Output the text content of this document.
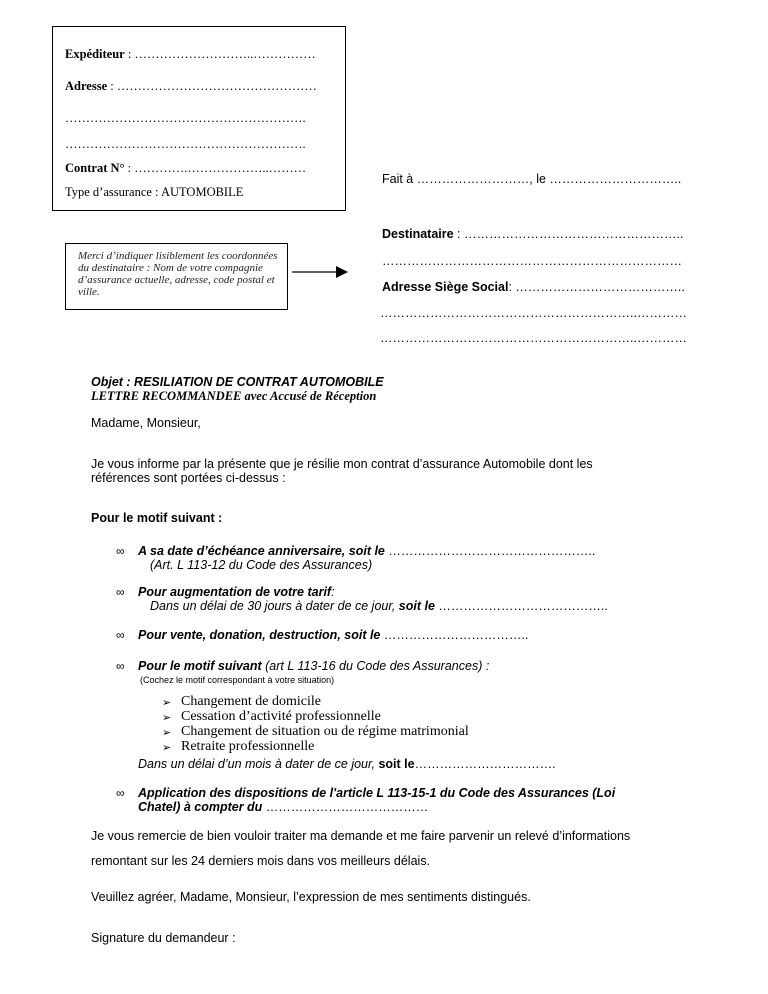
Expéditeur : ………………………..……………
Adresse : …………………………………………
………………………………………………….
………………………………………………….
Contrat N° : ………….………………..………
Type d’assurance : AUTOMOBILE
Fait à ………………………, le …………………………..
Merci d’indiquer lisiblement les coordonnées du destinataire : Nom de votre compagnie d’assurance actuelle, adresse, code postal et ville.
Destinataire : ……………………………………………..
………………………………………………………………
Adresse Siège Social: …………………………………..
……………………………………………………..…………
……………………………………………………..…………
Objet : RESILIATION DE CONTRAT AUTOMOBILE
LETTRE RECOMMANDEE avec Accusé de Réception
Madame, Monsieur,
Je vous informe par la présente que je résilie mon contrat d’assurance Automobile dont les
références sont portées ci-dessus :
Pour le motif suivant :
∞ A sa date d’échéance anniversaire, soit le …………………………………………..
(Art. L 113-12 du Code des Assurances)
∞ Pour augmentation de votre tarif:
Dans un délai de 30 jours à dater de ce jour, soit le …………………………………..
∞ Pour vente, donation, destruction, soit le ……………………………..
∞ Pour le motif suivant (art L 113-16 du Code des Assurances) :
(Cochez le motif correspondant à votre situation)
➢ Changement de domicile
➢ Cessation d’activité professionnelle
➢ Changement de situation ou de régime matrimonial
➢ Retraite professionnelle
Dans un délai d’un mois à dater de ce jour, soit le…………………………….
∞ Application des dispositions de l'article L 113-15-1 du Code des Assurances (Loi
Chatel) à compter du …………………………………
Je vous remercie de bien vouloir traiter ma demande et me faire parvenir un relevé d’informations
remontant sur les 24 derniers mois dans vos meilleurs délais.
Veuillez agréer, Madame, Monsieur, l’expression de mes sentiments distingués.
Signature du demandeur :
